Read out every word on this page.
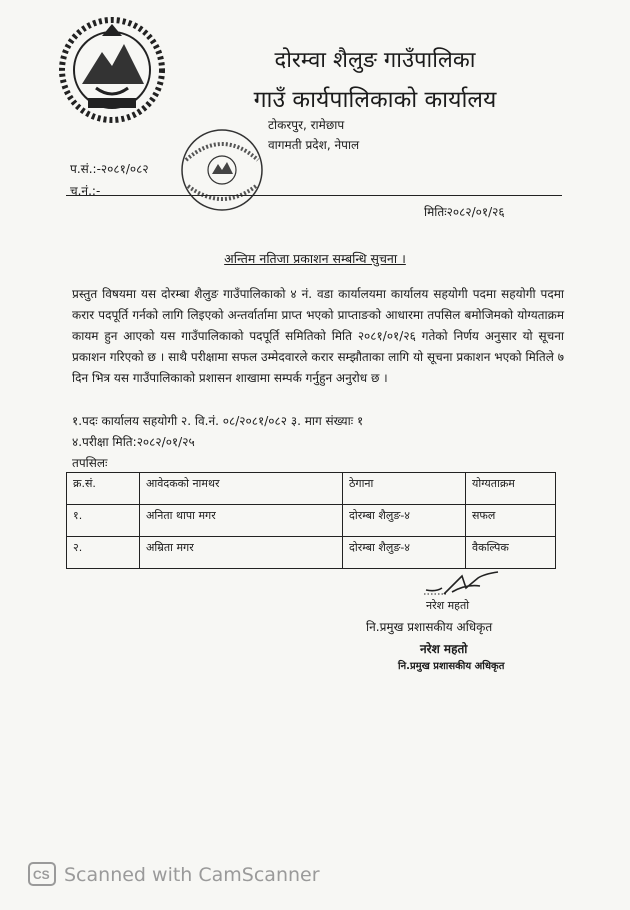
दोरम्वा शैलुङ गाउँपालिका
गाउँ कार्यपालिकाको कार्यालय
टोकरपुर, रामेछाप
वागमती प्रदेश, नेपाल
प.सं.:-२०८१/०८२
च.नं.:-
मितिः२०८२/०१/२६
अन्तिम नतिजा प्रकाशन सम्बन्धि सुचना ।
प्रस्तुत विषयमा यस दोरम्बा शैलुङ गाउँपालिकाको ४ नं. वडा कार्यालयमा कार्यालय सहयोगी पदमा सहयोगी पदमा करार पदपूर्ति गर्नको लागि लिइएको अन्तर्वार्तामा प्राप्त भएको प्राप्ताङको आधारमा तपसिल बमोजिमको योग्यताक्रम कायम हुन आएको यस गाउँपालिकाको पदपूर्ति समितिको मिति २०८१/०१/२६ गतेको निर्णय अनुसार यो सूचना प्रकाशन गरिएको छ । साथै परीक्षामा सफल उम्मेदवारले करार सम्झौताका लागि यो सूचना प्रकाशन भएको मितिले ७ दिन भित्र यस गाउँपालिकाको प्रशासन शाखामा सम्पर्क गर्नुहुन अनुरोध छ ।
१.पदः कार्यालय सहयोगी २. वि.नं. ०८/२०८१/०८२ ३. माग संख्याः १
४.परीक्षा मिति:२०८२/०१/२५
तपसिलः
क्र.सं.	आवेदकको नामथर	ठेगाना	योग्यताक्रम
१.	अनिता थापा मगर	दोरम्बा शैलुङ-४	सफल
२.	अम्रिता मगर	दोरम्बा शैलुङ-४	वैकल्पिक
नरेश महतो
नि.प्रमुख प्रशासकीय अधिकृत
नरेश महतो
नि.प्रमुख प्रशासकीय अधिकृत
CS Scanned with CamScanner
